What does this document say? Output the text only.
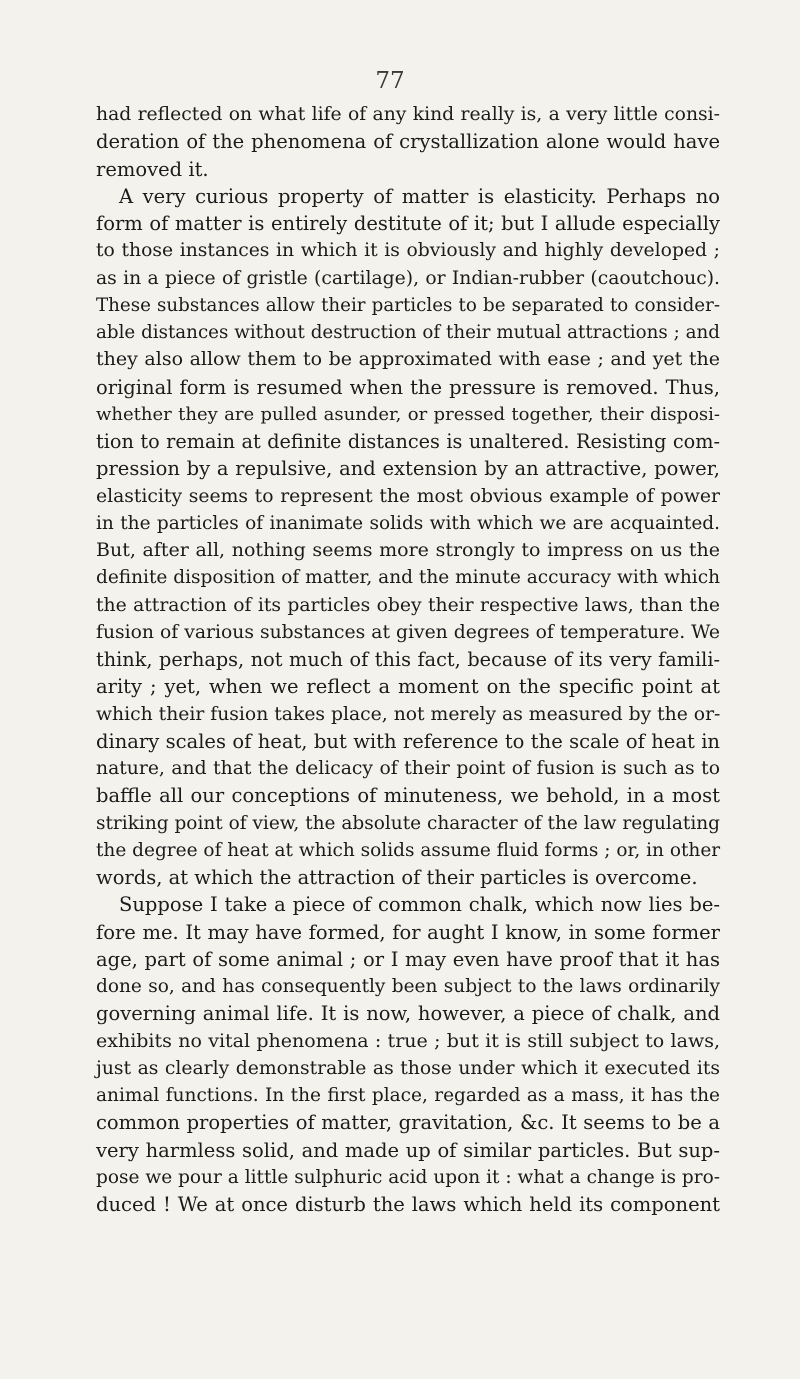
77
had reflected on what life of any kind really is, a very little consi-
deration of the phenomena of crystallization alone would have
removed it.
A very curious property of matter is elasticity. Perhaps no
form of matter is entirely destitute of it; but I allude especially
to those instances in which it is obviously and highly developed ;
as in a piece of gristle (cartilage), or Indian-rubber (caoutchouc).
These substances allow their particles to be separated to consider-
able distances without destruction of their mutual attractions ; and
they also allow them to be approximated with ease ; and yet the
original form is resumed when the pressure is removed. Thus,
whether they are pulled asunder, or pressed together, their disposi-
tion to remain at definite distances is unaltered. Resisting com-
pression by a repulsive, and extension by an attractive, power,
elasticity seems to represent the most obvious example of power
in the particles of inanimate solids with which we are acquainted.
But, after all, nothing seems more strongly to impress on us the
definite disposition of matter, and the minute accuracy with which
the attraction of its particles obey their respective laws, than the
fusion of various substances at given degrees of temperature. We
think, perhaps, not much of this fact, because of its very famili-
arity ; yet, when we reflect a moment on the specific point at
which their fusion takes place, not merely as measured by the or-
dinary scales of heat, but with reference to the scale of heat in
nature, and that the delicacy of their point of fusion is such as to
baffle all our conceptions of minuteness, we behold, in a most
striking point of view, the absolute character of the law regulating
the degree of heat at which solids assume fluid forms ; or, in other
words, at which the attraction of their particles is overcome.
Suppose I take a piece of common chalk, which now lies be-
fore me. It may have formed, for aught I know, in some former
age, part of some animal ; or I may even have proof that it has
done so, and has consequently been subject to the laws ordinarily
governing animal life. It is now, however, a piece of chalk, and
exhibits no vital phenomena : true ; but it is still subject to laws,
just as clearly demonstrable as those under which it executed its
animal functions. In the first place, regarded as a mass, it has the
common properties of matter, gravitation, &c. It seems to be a
very harmless solid, and made up of similar particles. But sup-
pose we pour a little sulphuric acid upon it : what a change is pro-
duced ! We at once disturb the laws which held its component
